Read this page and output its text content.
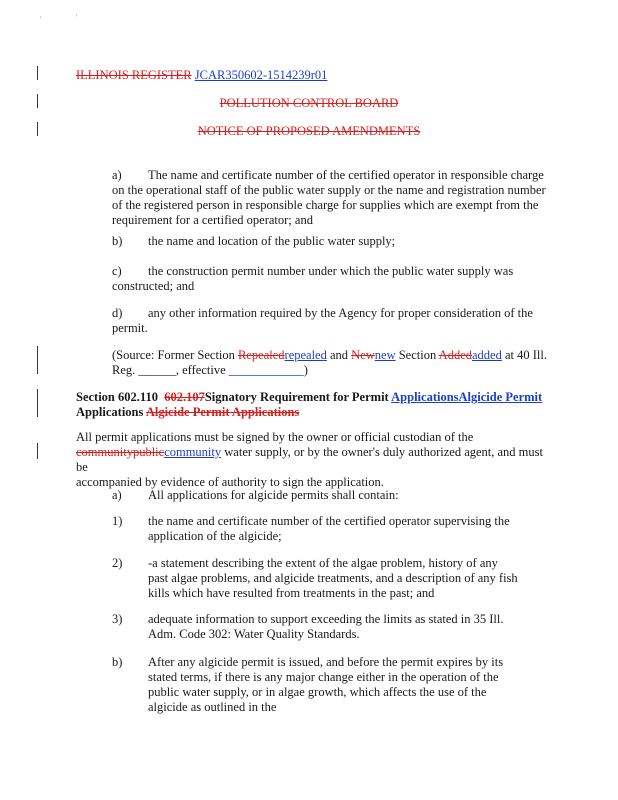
'	'
ILLINOIS REGISTER JCAR350602-1514239r01
POLLUTION CONTROL BOARD
NOTICE OF PROPOSED AMENDMENTS
a) The name and certificate number of the certified operator in responsible charge on the operational staff of the public water supply or the name and registration number of the registered person in responsible charge for supplies which are exempt from the requirement for a certified operator; and
b) the name and location of the public water supply;
c) the construction permit number under which the public water supply was constructed; and
d) any other information required by the Agency for proper consideration of the permit.
(Source: Former Section Repealedrepealed and Newnew Section Addedadded at 40 Ill.
Reg. ______, effective ____________)
Section 602.110 602.107Signatory Requirement for Permit ApplicationsAlgicide Permit
Applications Algicide Permit Applications
All permit applications must be signed by the owner or official custodian of the
communitypubliccommunity water supply, or by the owner's duly authorized agent, and must be
accompanied by evidence of authority to sign the application.
a) All applications for algicide permits shall contain:
1) the name and certificate number of the certified operator supervising the application of the algicide;
2) -a statement describing the extent of the algae problem, history of any past algae problems, and algicide treatments, and a description of any fish kills which have resulted from treatments in the past; and
3) adequate information to support exceeding the limits as stated in 35 Ill. Adm. Code 302: Water Quality Standards.
b) After any algicide permit is issued, and before the permit expires by its stated terms, if there is any major change either in the operation of the public water supply, or in algae growth, which affects the use of the algicide as outlined in the
